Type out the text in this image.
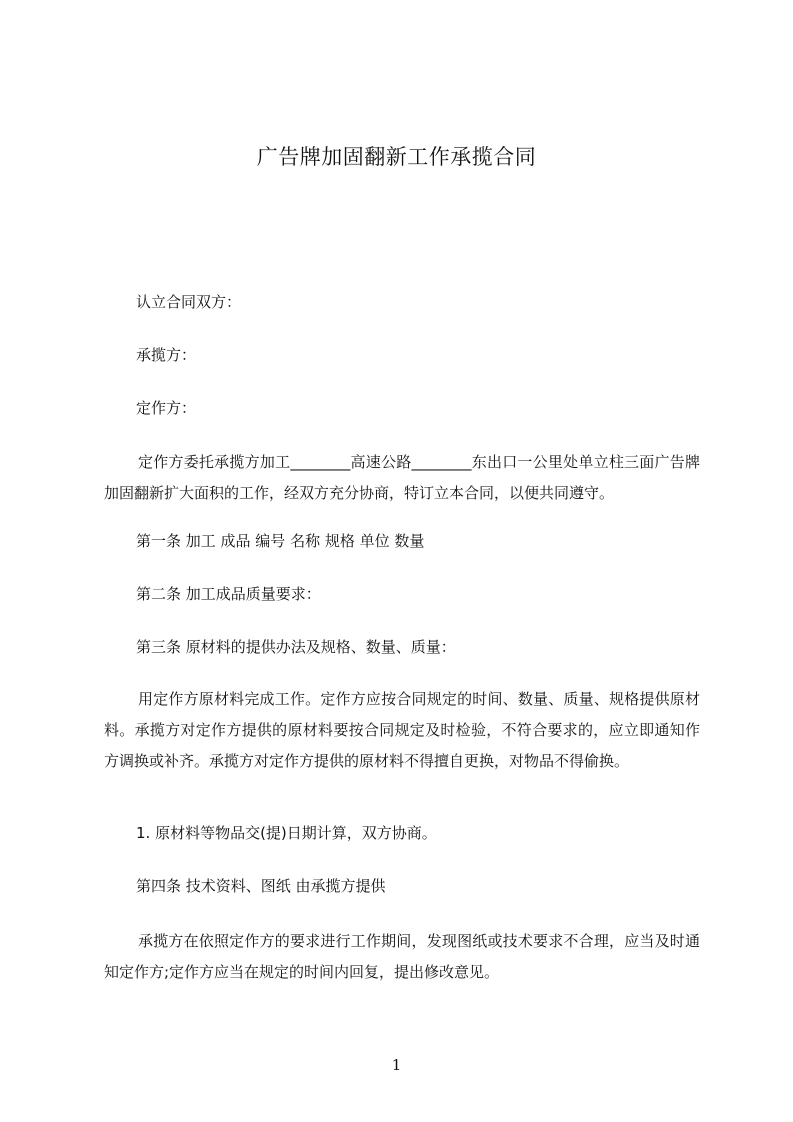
广告牌加固翻新工作承揽合同

认立合同双方：

承揽方：

定作方：

定作方委托承揽方加工________高速公路________东出口一公里处单立柱三面广告牌加固翻新扩大面积的工作，经双方充分协商，特订立本合同，以便共同遵守。

第一条 加工 成品 编号 名称 规格 单位 数量

第二条 加工成品质量要求：

第三条 原材料的提供办法及规格、数量、质量：

用定作方原材料完成工作。定作方应按合同规定的时间、数量、质量、规格提供原材料。承揽方对定作方提供的原材料要按合同规定及时检验，不符合要求的，应立即通知作方调换或补齐。承揽方对定作方提供的原材料不得擅自更换，对物品不得偷换。

1. 原材料等物品交(提)日期计算，双方协商。

第四条 技术资料、图纸 由承揽方提供

承揽方在依照定作方的要求进行工作期间，发现图纸或技术要求不合理，应当及时通知定作方;定作方应当在规定的时间内回复，提出修改意见。

1
